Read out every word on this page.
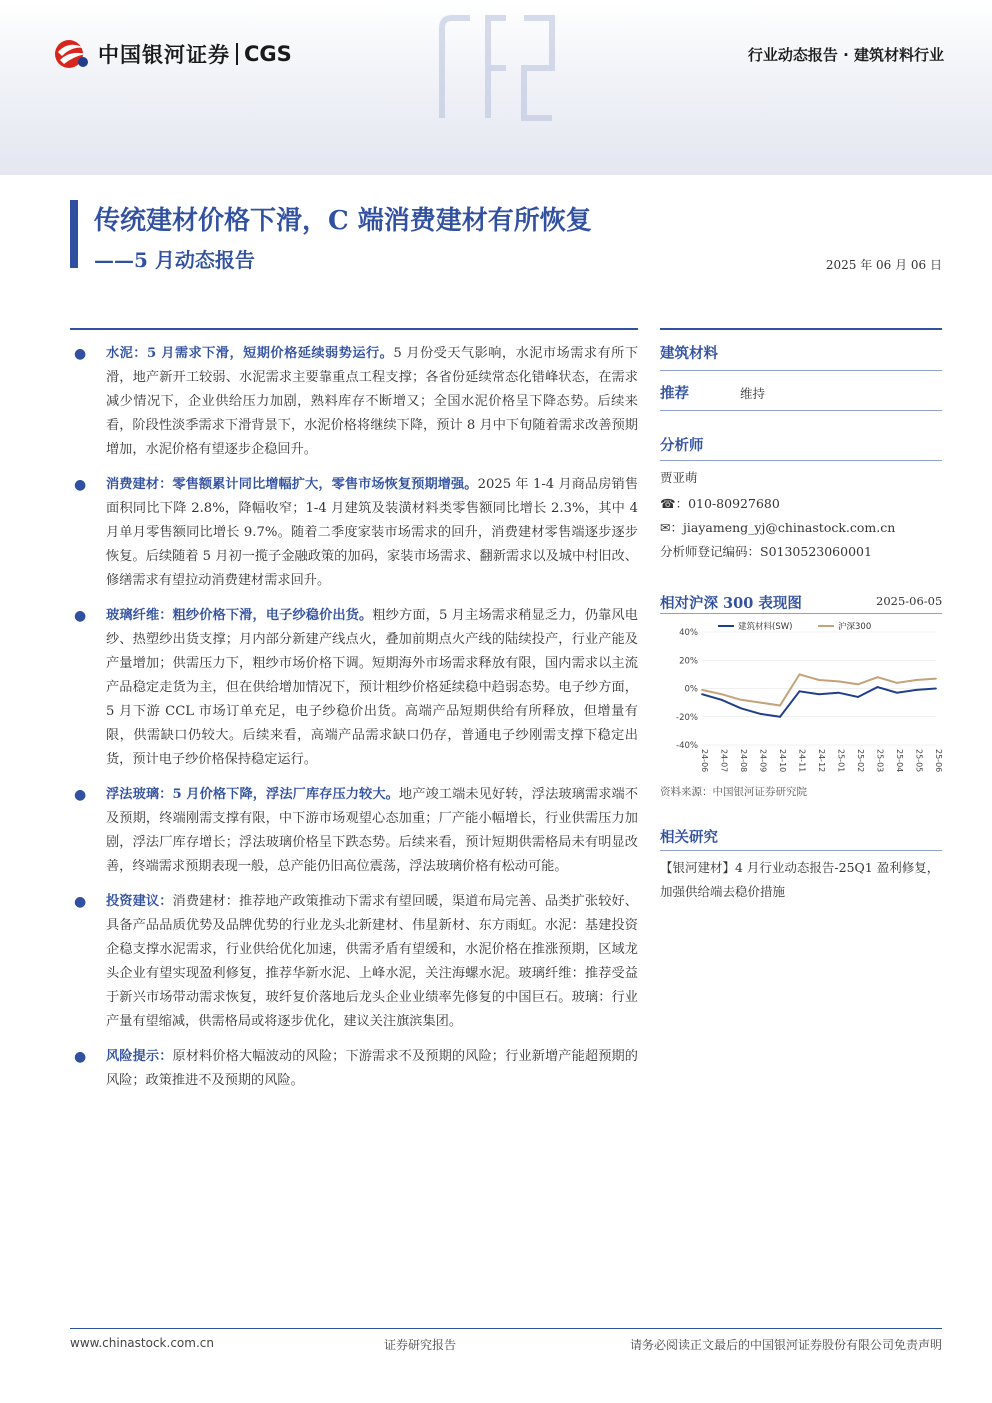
中国银河证券 CGS	行业动态报告 · 建筑材料行业
传统建材价格下滑，C 端消费建材有所恢复
——5 月动态报告	2025 年 06 月 06 日
● 水泥：5 月需求下滑，短期价格延续弱势运行。5 月份受天气影响，水泥市场需求有所下滑，地产新开工较弱、水泥需求主要靠重点工程支撑；各省份延续常态化错峰状态，在需求减少情况下，企业供给压力加剧，熟料库存不断增又；全国水泥价格呈下降态势。后续来看，阶段性淡季需求下滑背景下，水泥价格将继续下降，预计 8 月中下旬随着需求改善预期增加，水泥价格有望逐步企稳回升。
● 消费建材：零售额累计同比增幅扩大，零售市场恢复预期增强。2025 年 1-4 月商品房销售面积同比下降 2.8%，降幅收窄；1-4 月建筑及装潢材料类零售额同比增长 2.3%，其中 4 月单月零售额同比增长 9.7%。随着二季度家装市场需求的回升，消费建材零售端逐步逐步恢复。后续随着 5 月初一揽子金融政策的加码，家装市场需求、翻新需求以及城中村旧改、修缮需求有望拉动消费建材需求回升。
● 玻璃纤维：粗纱价格下滑，电子纱稳价出货。粗纱方面，5 月主场需求稍显乏力，仍靠风电纱、热塑纱出货支撑；月内部分新建产线点火，叠加前期点火产线的陆续投产，行业产能及产量增加；供需压力下，粗纱市场价格下调。短期海外市场需求释放有限，国内需求以主流产品稳定走货为主，但在供给增加情况下，预计粗纱价格延续稳中趋弱态势。电子纱方面，5 月下游 CCL 市场订单充足，电子纱稳价出货。高端产品短期供给有所释放，但增量有限，供需缺口仍较大。后续来看，高端产品需求缺口仍存，普通电子纱刚需支撑下稳定出货，预计电子纱价格保持稳定运行。
● 浮法玻璃：5 月价格下降，浮法厂库存压力较大。地产竣工端未见好转，浮法玻璃需求端不及预期，终端刚需支撑有限，中下游市场观望心态加重；厂产能小幅增长，行业供需压力加剧，浮法厂库存增长；浮法玻璃价格呈下跌态势。后续来看，预计短期供需格局未有明显改善，终端需求预期表现一般，总产能仍旧高位震荡，浮法玻璃价格有松动可能。
● 投资建议：消费建材：推荐地产政策推动下需求有望回暖，渠道布局完善、品类扩张较好、具备产品品质优势及品牌优势的行业龙头北新建材、伟星新材、东方雨虹。水泥：基建投资企稳支撑水泥需求，行业供给优化加速，供需矛盾有望缓和，水泥价格在推涨预期，区域龙头企业有望实现盈利修复，推荐华新水泥、上峰水泥，关注海螺水泥。玻璃纤维：推荐受益于新兴市场带动需求恢复，玻纤复价落地后龙头企业业绩率先修复的中国巨石。玻璃：行业产量有望缩减，供需格局或将逐步优化，建议关注旗滨集团。
● 风险提示：原材料价格大幅波动的风险；下游需求不及预期的风险；行业新增产能超预期的风险；政策推进不及预期的风险。
建筑材料
推荐	维持
分析师
贾亚萌
☎：010-80927680
✉：jiayameng_yj@chinastock.com.cn
分析师登记编码：S0130523060001
相对沪深 300 表现图	2025-06-05
40%
20%
0%
-20%
-40%
24-06 24-07 24-08 24-09 24-10 24-11 24-12 25-01 25-02 25-03 25-04 25-05 25-06
建筑材料(SW)	沪深300
资料来源：中国银河证券研究院
相关研究
【银河建材】4 月行业动态报告-25Q1 盈利修复，加强供给端去稳价措施
www.chinastock.com.cn	证券研究报告	请务必阅读正文最后的中国银河证券股份有限公司免责声明
